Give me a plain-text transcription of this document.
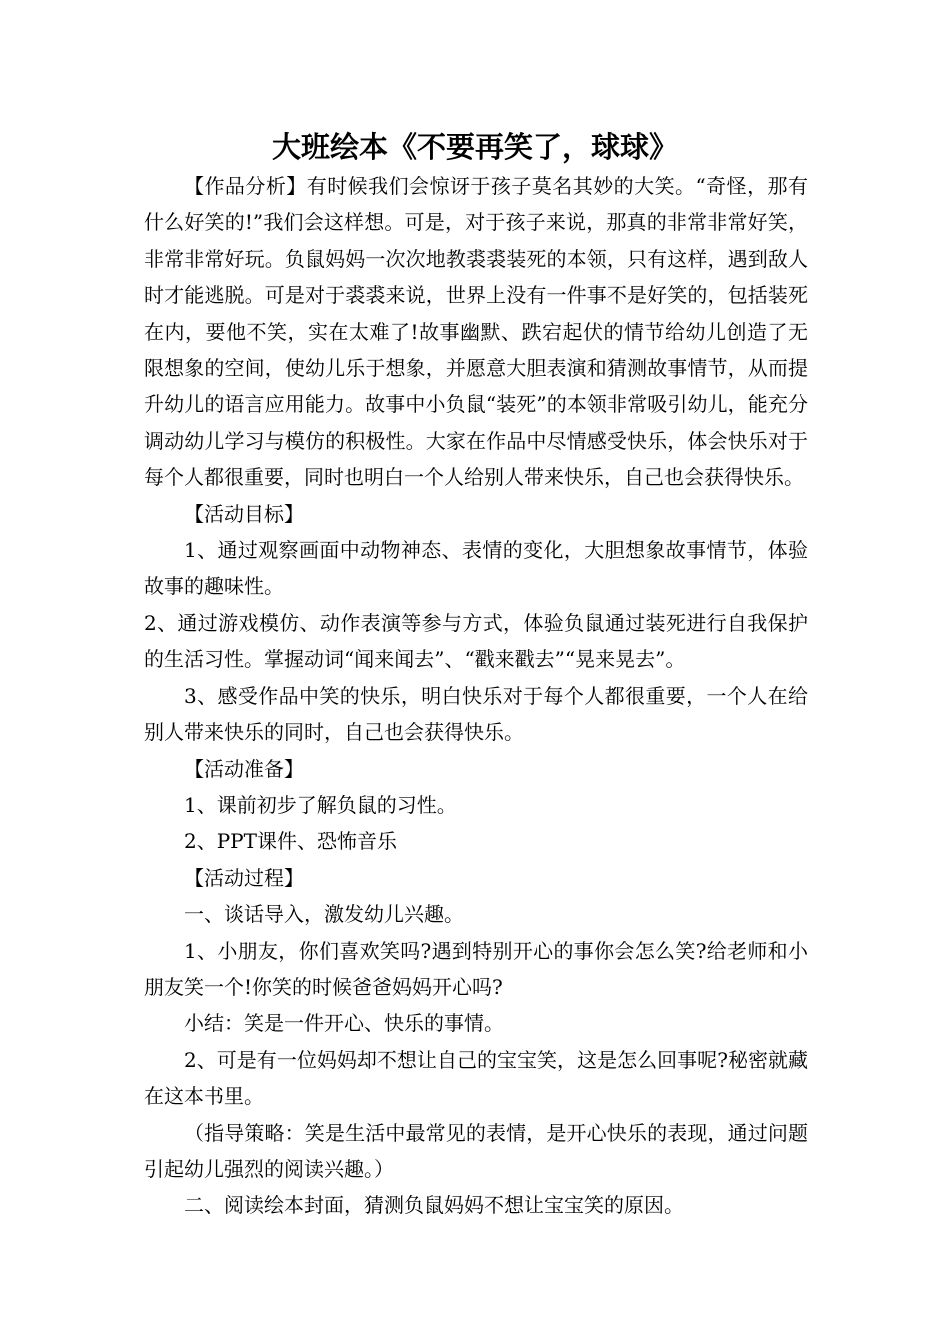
大班绘本《不要再笑了，球球》

【作品分析】有时候我们会惊讶于孩子莫名其妙的大笑。“奇怪，那有什么好笑的!”我们会这样想。可是，对于孩子来说，那真的非常非常好笑，非常非常好玩。负鼠妈妈一次次地教裘裘装死的本领，只有这样，遇到敌人时才能逃脱。可是对于裘裘来说，世界上没有一件事不是好笑的，包括装死在内，要他不笑，实在太难了!故事幽默、跌宕起伏的情节给幼儿创造了无限想象的空间，使幼儿乐于想象，并愿意大胆表演和猜测故事情节，从而提升幼儿的语言应用能力。故事中小负鼠“装死”的本领非常吸引幼儿，能充分调动幼儿学习与模仿的积极性。大家在作品中尽情感受快乐，体会快乐对于每个人都很重要，同时也明白一个人给别人带来快乐，自己也会获得快乐。

【活动目标】

1、通过观察画面中动物神态、表情的变化，大胆想象故事情节，体验故事的趣味性。

2、通过游戏模仿、动作表演等参与方式，体验负鼠通过装死进行自我保护的生活习性。掌握动词“闻来闻去”、“戳来戳去”“晃来晃去”。

3、感受作品中笑的快乐，明白快乐对于每个人都很重要，一个人在给别人带来快乐的同时，自己也会获得快乐。

【活动准备】

1、课前初步了解负鼠的习性。

2、PPT课件、恐怖音乐

【活动过程】

一、谈话导入，激发幼儿兴趣。

1、小朋友，你们喜欢笑吗?遇到特别开心的事你会怎么笑?给老师和小朋友笑一个!你笑的时候爸爸妈妈开心吗?

小结：笑是一件开心、快乐的事情。

2、可是有一位妈妈却不想让自己的宝宝笑，这是怎么回事呢?秘密就藏在这本书里。

（指导策略：笑是生活中最常见的表情，是开心快乐的表现，通过问题引起幼儿强烈的阅读兴趣。）

二、阅读绘本封面，猜测负鼠妈妈不想让宝宝笑的原因。
